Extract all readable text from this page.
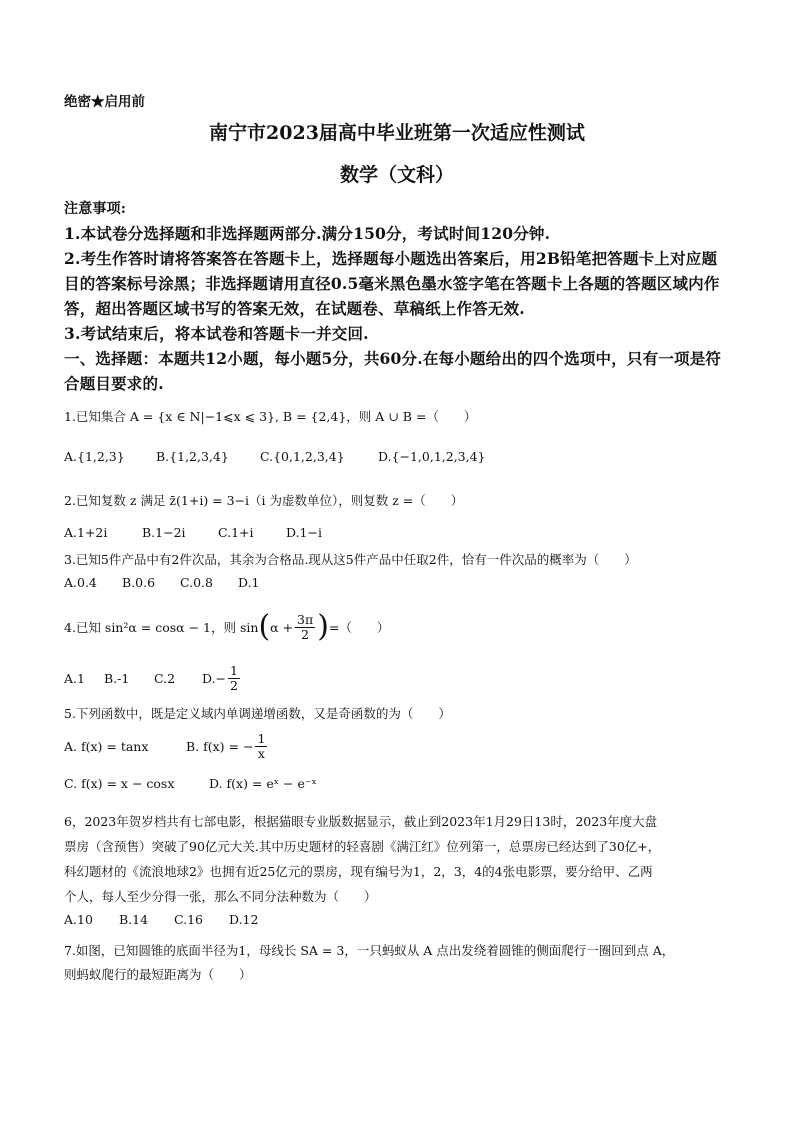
绝密★启用前
南宁市2023届高中毕业班第一次适应性测试
数学（文科）
注意事项:
1.本试卷分选择题和非选择题两部分.满分150分，考试时间120分钟.
2.考生作答时请将答案答在答题卡上，选择题每小题选出答案后，用2B铅笔把答题卡上对应题
目的答案标号涂黑；非选择题请用直径0.5毫米黑色墨水签字笔在答题卡上各题的答题区域内作
答，超出答题区域书写的答案无效，在试题卷、草稿纸上作答无效.
3.考试结束后，将本试卷和答题卡一并交回.
一、选择题：本题共12小题，每小题5分，共60分.在每小题给出的四个选项中，只有一项是符
合题目要求的.
1.已知集合 A = {x ∈ N|−1⩽x ⩽ 3}, B = {2,4}，则 A ∪ B =（　　）
A.{1,2,3}	B.{1,2,3,4} C.{0,1,2,3,4}	D.{−1,0,1,2,3,4}
2.已知复数 z 满足 z̄(1+i) = 3−i（i 为虚数单位），则复数 z =（　　）
A.1+2i	B.1−2i	C.1+i	D.1−i
3.已知5件产品中有2件次品，其余为合格品.现从这5件产品中任取2件，恰有一件次品的概率为（　　）
A.0.4 B.0.6 C.0.8 D.1
4.已知 sin²α = cosα − 1，则 sin ( $\alpha + \frac{3\pi}{2}$ ) =（　　）
A.1	B.-1	C.2	$D.- \frac{1}{2}$
5.下列函数中，既是定义域内单调递增函数，又是奇函数的为（　　）
A. f(x) = tanx	B. f(x) = − $\frac{1}{x}$
C. f(x) = x − cosx	D. f(x) = eˣ − e⁻ˣ
6，2023年贺岁档共有七部电影，根据猫眼专业版数据显示，截止到2023年1月29日13时，2023年度大盘
票房（含预售）突破了90亿元大关.其中历史题材的轻喜剧《满江红》位列第一，总票房已经达到了30亿+，
科幻题材的《流浪地球2》也拥有近25亿元的票房，现有编号为1，2，3，4的4张电影票，要分给甲、乙两
个人，每人至少分得一张，那么不同分法种数为（　　）
A.10 B.14 C.16 D.12
7.如图，已知圆锥的底面半径为1，母线长 SA = 3，一只蚂蚁从 A 点出发绕着圆锥的侧面爬行一圈回到点 A，
则蚂蚁爬行的最短距离为（　　）
